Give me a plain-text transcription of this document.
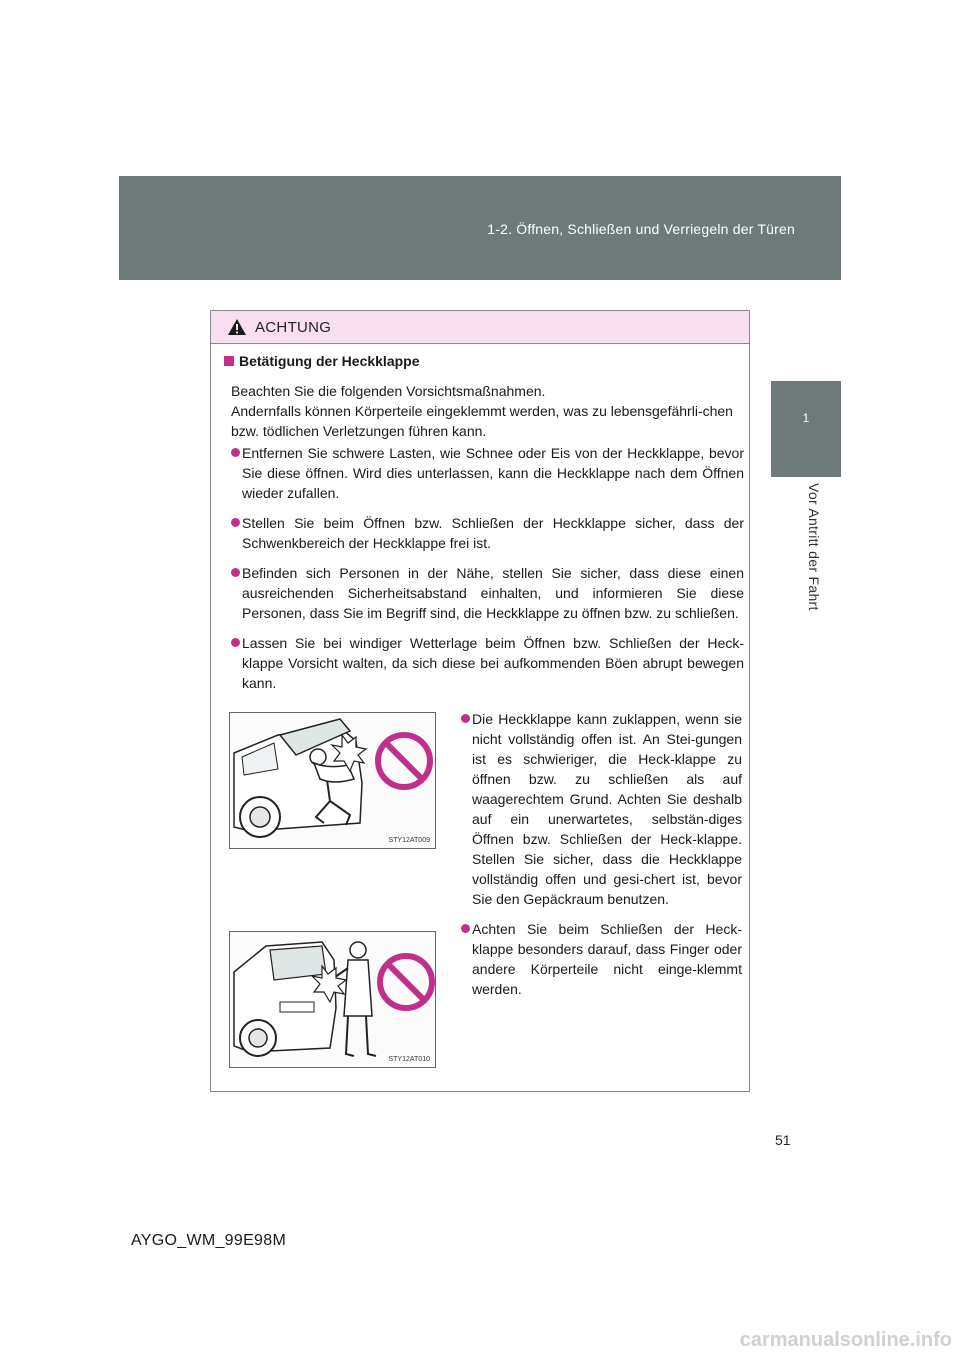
1-2. Öffnen, Schließen und Verriegeln der Türen
1
Vor Antritt der Fahrt
ACHTUNG
Betätigung der Heckklappe
Beachten Sie die folgenden Vorsichtsmaßnahmen.
Andernfalls können Körperteile eingeklemmt werden, was zu lebensgefährli-chen bzw. tödlichen Verletzungen führen kann.
Entfernen Sie schwere Lasten, wie Schnee oder Eis von der Heckklappe, bevor Sie diese öffnen. Wird dies unterlassen, kann die Heckklappe nach dem Öffnen wieder zufallen.
Stellen Sie beim Öffnen bzw. Schließen der Heckklappe sicher, dass der Schwenkbereich der Heckklappe frei ist.
Befinden sich Personen in der Nähe, stellen Sie sicher, dass diese einen ausreichenden Sicherheitsabstand einhalten, und informieren Sie diese Personen, dass Sie im Begriff sind, die Heckklappe zu öffnen bzw. zu schließen.
Lassen Sie bei windiger Wetterlage beim Öffnen bzw. Schließen der Heck-klappe Vorsicht walten, da sich diese bei aufkommenden Böen abrupt bewegen kann.
STY12AT009
STY12AT010
Die Heckklappe kann zuklappen, wenn sie nicht vollständig offen ist. An Stei-gungen ist es schwieriger, die Heck-klappe zu öffnen bzw. zu schließen als auf waagerechtem Grund. Achten Sie deshalb auf ein unerwartetes, selbstän-diges Öffnen bzw. Schließen der Heck-klappe. Stellen Sie sicher, dass die Heckklappe vollständig offen und gesi-chert ist, bevor Sie den Gepäckraum benutzen.
Achten Sie beim Schließen der Heck-klappe besonders darauf, dass Finger oder andere Körperteile nicht einge-klemmt werden.
51
AYGO_WM_99E98M
carmanualsonline.info
